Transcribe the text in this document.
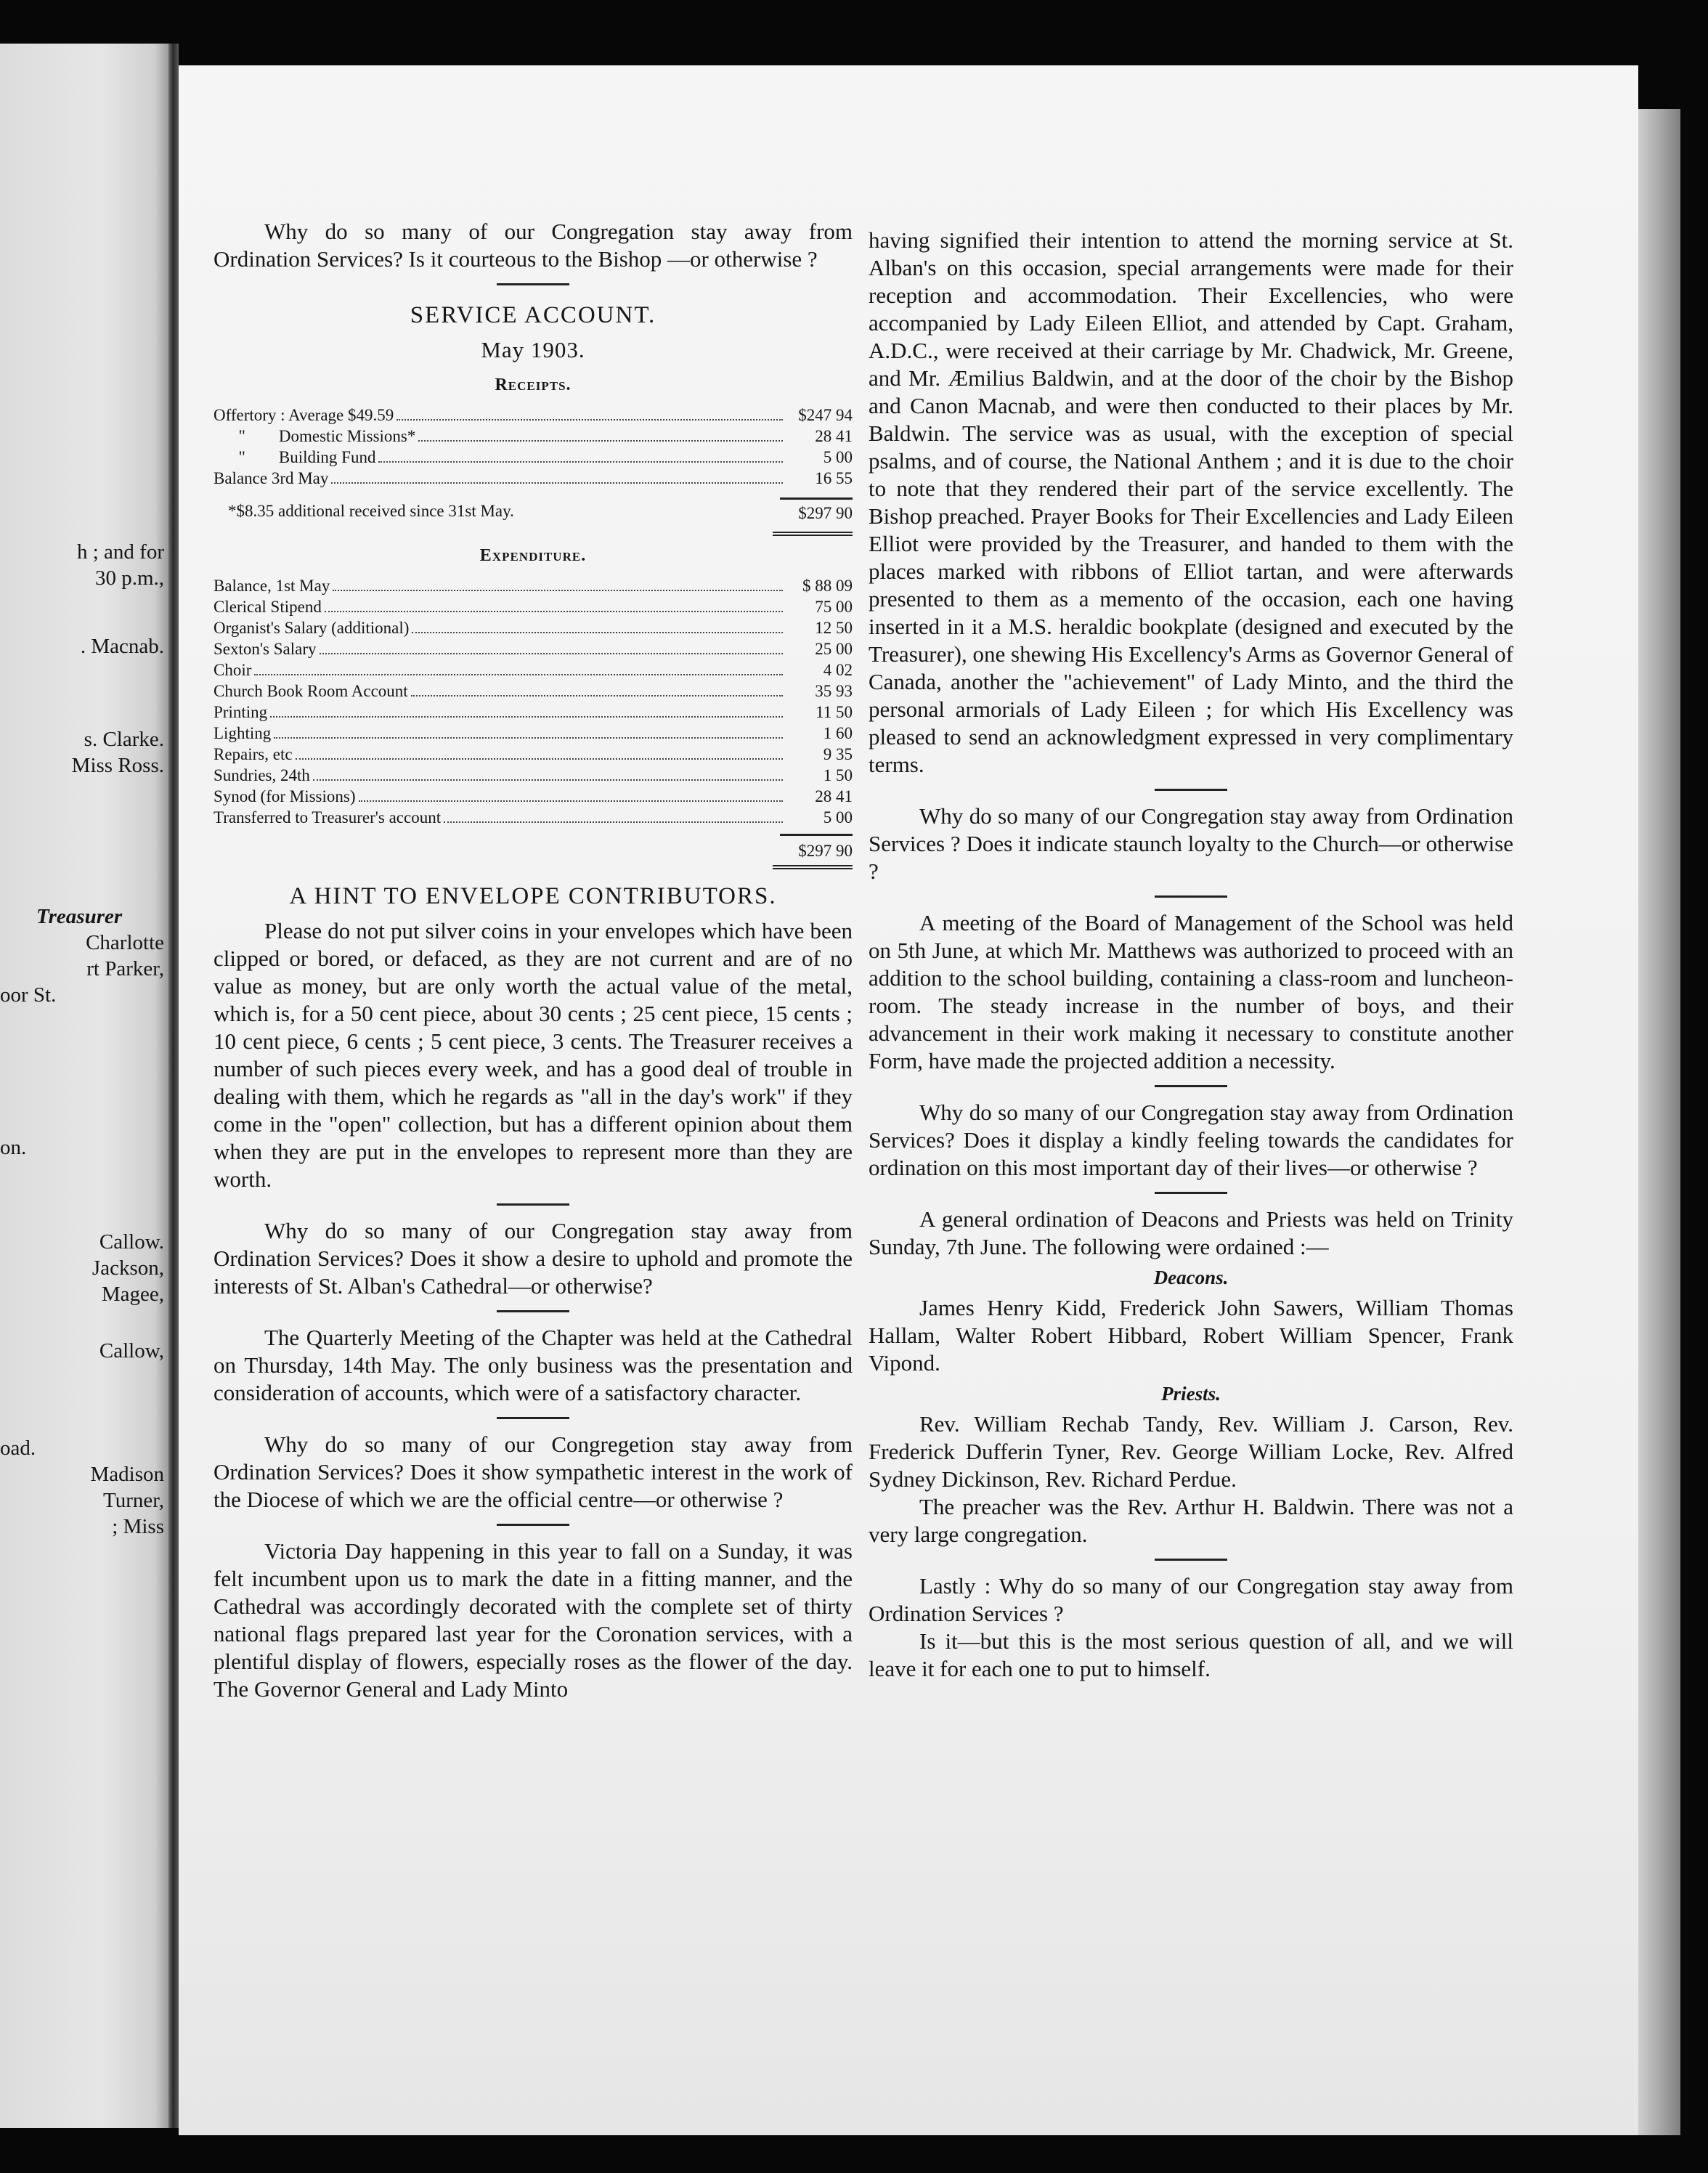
h ; and for
30 p.m.,
. Macnab.
s. Clarke.
Miss Ross.
Treasurer
Charlotte
rt Parker,
oor St.
on.
Callow.
Jackson,
Magee,
Callow,
oad.
Madison
Turner,
; Miss

Why do so many of our Congregation stay away from Ordination Services? Is it courteous to the Bishop —or otherwise ?

SERVICE ACCOUNT.
May 1903.
Receipts.
Offertory : Average $49.59	$247 94
"        Domestic Missions*	28 41
"        Building Fund	5 00
Balance 3rd May	16 55
*$8.35 additional received since 31st May.	$297 90
Expenditure.
Balance, 1st May	$ 88 09
Clerical Stipend	75 00
Organist's Salary (additional)	12 50
Sexton's Salary	25 00
Choir	4 02
Church Book Room Account	35 93
Printing	11 50
Lighting	1 60
Repairs, etc	9 35
Sundries, 24th	1 50
Synod (for Missions)	28 41
Transferred to Treasurer's account	5 00
$297 90
A HINT TO ENVELOPE CONTRIBUTORS.

Please do not put silver coins in your envelopes which have been clipped or bored, or defaced, as they are not current and are of no value as money, but are only worth the actual value of the metal, which is, for a 50 cent piece, about 30 cents ; 25 cent piece, 15 cents ; 10 cent piece, 6 cents ; 5 cent piece, 3 cents. The Treasurer receives a number of such pieces every week, and has a good deal of trouble in dealing with them, which he regards as "all in the day's work" if they come in the "open" collection, but has a different opinion about them when they are put in the envelopes to represent more than they are worth.

Why do so many of our Congregation stay away from Ordination Services? Does it show a desire to uphold and promote the interests of St. Alban's Cathedral—or otherwise?

The Quarterly Meeting of the Chapter was held at the Cathedral on Thursday, 14th May. The only business was the presentation and consideration of accounts, which were of a satisfactory character.

Why do so many of our Congregetion stay away from Ordination Services? Does it show sympathetic interest in the work of the Diocese of which we are the official centre—or otherwise ?

Victoria Day happening in this year to fall on a Sunday, it was felt incumbent upon us to mark the date in a fitting manner, and the Cathedral was accordingly decorated with the complete set of thirty national flags prepared last year for the Coronation services, with a plentiful display of flowers, especially roses as the flower of the day. The Governor General and Lady Minto

having signified their intention to attend the morning service at St. Alban's on this occasion, special arrangements were made for their reception and accommodation. Their Excellencies, who were accompanied by Lady Eileen Elliot, and attended by Capt. Graham, A.D.C., were received at their carriage by Mr. Chadwick, Mr. Greene, and Mr. Æmilius Baldwin, and at the door of the choir by the Bishop and Canon Macnab, and were then conducted to their places by Mr. Baldwin. The service was as usual, with the exception of special psalms, and of course, the National Anthem ; and it is due to the choir to note that they rendered their part of the service excellently. The Bishop preached. Prayer Books for Their Excellencies and Lady Eileen Elliot were provided by the Treasurer, and handed to them with the places marked with ribbons of Elliot tartan, and were afterwards presented to them as a memento of the occasion, each one having inserted in it a M.S. heraldic bookplate (designed and executed by the Treasurer), one shewing His Excellency's Arms as Governor General of Canada, another the "achievement" of Lady Minto, and the third the personal armorials of Lady Eileen ; for which His Excellency was pleased to send an acknowledgment expressed in very complimentary terms.

Why do so many of our Congregation stay away from Ordination Services ? Does it indicate staunch loyalty to the Church—or otherwise ?

A meeting of the Board of Management of the School was held on 5th June, at which Mr. Matthews was authorized to proceed with an addition to the school building, containing a class-room and luncheon-room. The steady increase in the number of boys, and their advancement in their work making it necessary to constitute another Form, have made the projected addition a necessity.

Why do so many of our Congregation stay away from Ordination Services? Does it display a kindly feeling towards the candidates for ordination on this most important day of their lives—or otherwise ?

A general ordination of Deacons and Priests was held on Trinity Sunday, 7th June. The following were ordained :—

Deacons.

James Henry Kidd, Frederick John Sawers, William Thomas Hallam, Walter Robert Hibbard, Robert William Spencer, Frank Vipond.

Priests.

Rev. William Rechab Tandy, Rev. William J. Carson, Rev. Frederick Dufferin Tyner, Rev. George William Locke, Rev. Alfred Sydney Dickinson, Rev. Richard Perdue.

The preacher was the Rev. Arthur H. Baldwin. There was not a very large congregation.

Lastly : Why do so many of our Congregation stay away from Ordination Services ?

Is it—but this is the most serious question of all, and we will leave it for each one to put to himself.
